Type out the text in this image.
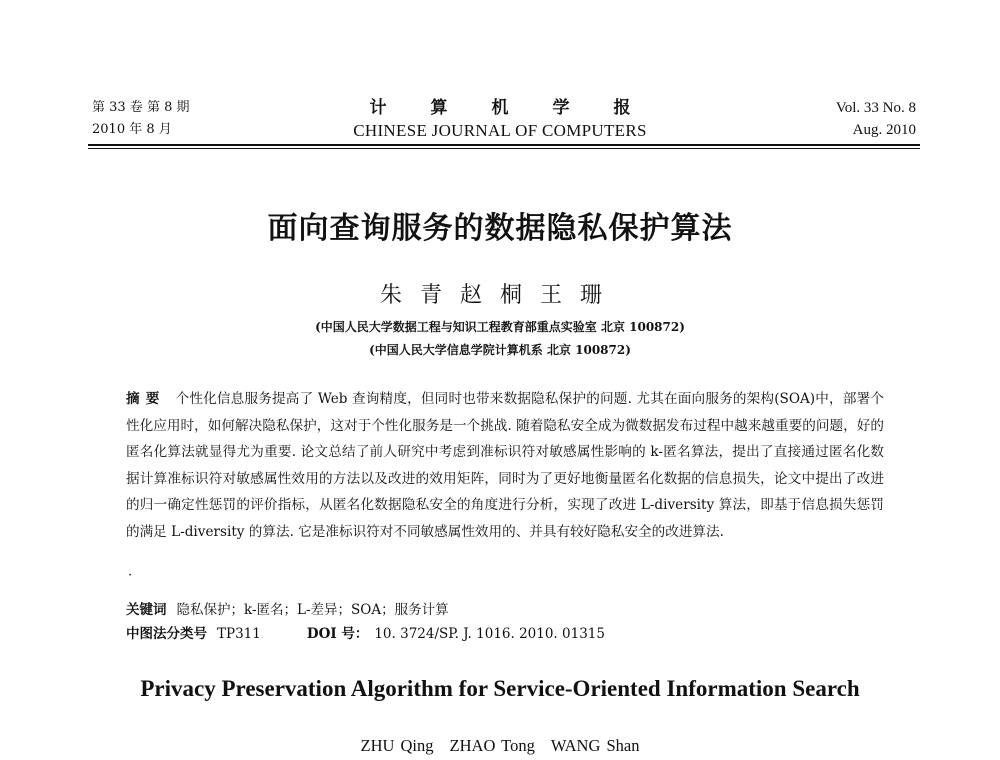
第 33 卷 第 8 期
2010 年 8 月
计算机学报
CHINESE JOURNAL OF COMPUTERS
Vol. 33 No. 8
Aug. 2010
面向查询服务的数据隐私保护算法
朱青赵桐王珊
(中国人民大学数据工程与知识工程教育部重点实验室 北京 100872)
(中国人民大学信息学院计算机系 北京 100872)
摘要 个性化信息服务提高了 Web 查询精度，但同时也带来数据隐私保护的问题. 尤其在面向服务的架构(SOA)中，部署个性化应用时，如何解决隐私保护，这对于个性化服务是一个挑战. 随着隐私安全成为微数据发布过程中越来越重要的问题，好的匿名化算法就显得尤为重要. 论文总结了前人研究中考虑到准标识符对敏感属性影响的 k-匿名算法，提出了直接通过匿名化数据计算准标识符对敏感属性效用的方法以及改进的效用矩阵，同时为了更好地衡量匿名化数据的信息损失，论文中提出了改进的归一确定性惩罚的评价指标，从匿名化数据隐私安全的角度进行分析，实现了改进 L-diversity 算法，即基于信息损失惩罚的满足 L-diversity 的算法. 它是准标识符对不同敏感属性效用的、并具有较好隐私安全的改进算法.
·
关键词 隐私保护；k-匿名；L-差异；SOA；服务计算
中图法分类号 TP311	DOI 号： 10. 3724/SP. J. 1016. 2010. 01315
Privacy Preservation Algorithm for Service-Oriented Information Search
ZHU Qing ZHAO Tong WANG Shan
